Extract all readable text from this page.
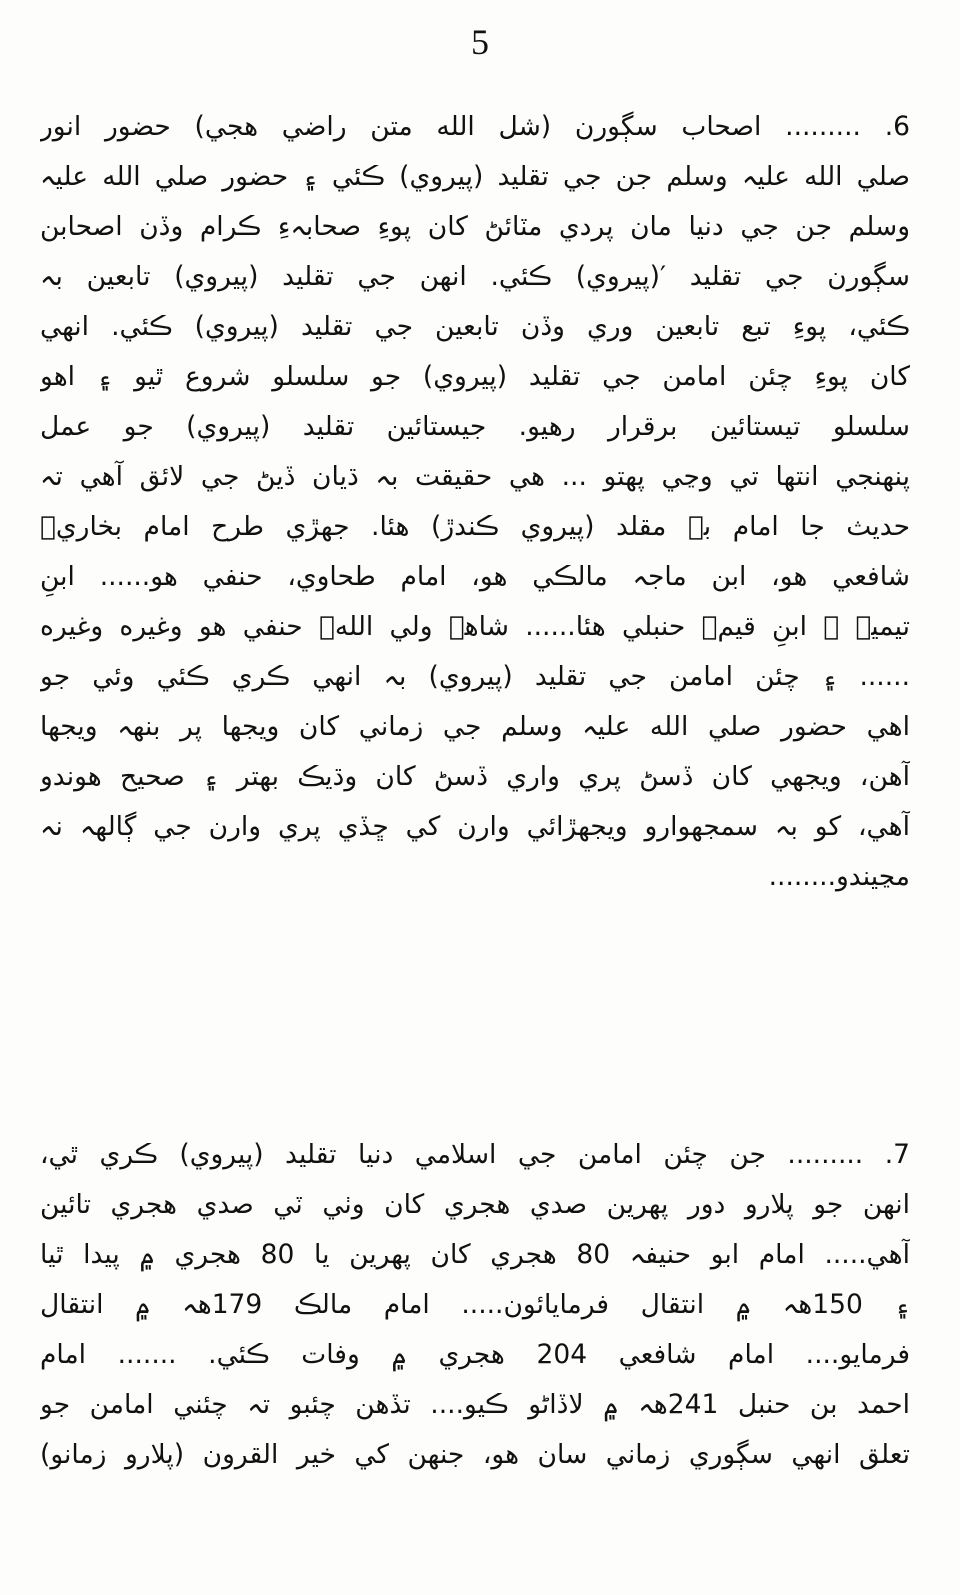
5
6. ......... اصحاب سڳورن (ﺷﻞ الله ﻣﺘﻦ راضي هجي) حضور انور
صلي الله عليہ وسلم جن جي تقليد (پيروي) ڪئي ۽ حضور صلي الله عليہ
وسلم جن جي دنيا مان پردي مٽائڻ کان پوءِ صحابہءِ ڪرام وڏن اصحابن
سڳورن جي تقليد ′(پيروي) ڪئي. انهن جي تقليد (پيروي) تابعين بہ
ڪئي، پوءِ تبع تابعين وري وڏن تابعين جي تقليد (پيروي) ڪئي. انهي
کان پوءِ چئن امامن جي تقليد (پيروي) جو سلسلو شروع ٿيو ۽ اهو
سلسلو تيستائين برقرار رهيو. جيستائين تقليد (پيروي) جو عمل
پنهنجي انتها تي وڃي پهتو ... هي حقيقت بہ ڌيان ڏيڻ جي لائق آهي تہ
حديث جا امام بہ مقلد (پيروي ڪندڙ) هئا. جهڙي طرح امام بخاريؒ
شافعي هو، ابن ماجہ مالڪي هو، امام طحاوي، حنفي هو...... ابنِ
تيميہ ۽ ابنِ قيمؒ حنبلي هئا...... شاهہ ولي اللهؒ حنفي هو وغيره وغيره
...... ۽ چئن امامن جي تقليد (پيروي) بہ انهي ڪري ڪئي وئي جو
اهي حضور صلي الله عليہ وسلم جي زماني کان ويجها پر بنهہ ويجها
آهن، ويجهي کان ڏسڻ پري واري ڏسڻ کان وڌيڪ بهتر ۽ صحيح هوندو
آهي، کو بہ سمجهوارو ويجهڙائي وارن کي ڇڏي پري وارن جي ڳالهہ نہ
مڃيندو........
7. ......... جن چئن امامن جي اسلامي دنيا تقليد (پيروي) ڪري ٿي،
انهن جو پلارو دور پهرين صدي هجري کان وٺي ٽي صدي هجري تائين
آهي..... امام ابو حنيفہ 80 هجري کان پهرين يا 80 هجري ۾ پيدا ٿيا
۽ 150هہ ۾ انتقال فرمايائون..... امام مالڪ 179هہ ۾ انتقال
فرمايو.... امام شافعي 204 هجري ۾ وفات ڪئي. ....... امام
احمد بن حنبل 241هہ ۾ لاڏاڻو ڪيو.... تڏهن چئبو تہ چئني امامن جو
تعلق انهي سڳوري زماني سان هو، جنهن کي خير القرون (پلارو زمانو)
